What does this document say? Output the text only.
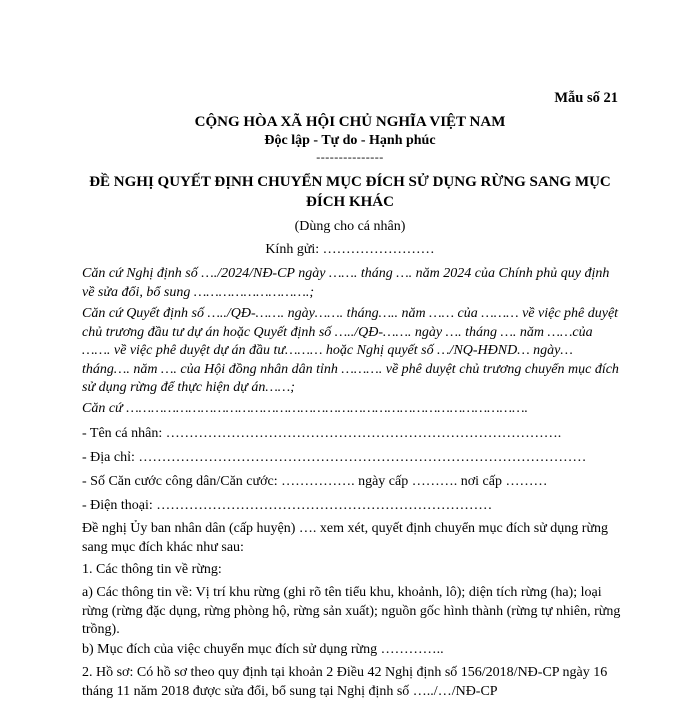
Mẫu số 21
CỘNG HÒA XÃ HỘI CHỦ NGHĨA VIỆT NAM
Độc lập - Tự do - Hạnh phúc
---------------
ĐỀ NGHỊ QUYẾT ĐỊNH CHUYỂN MỤC ĐÍCH SỬ DỤNG RỪNG SANG MỤC ĐÍCH KHÁC
(Dùng cho cá nhân)
Kính gửi: ……………………
Căn cứ Nghị định số …./2024/NĐ-CP ngày ……. tháng …. năm 2024 của Chính phủ quy định về sửa đổi, bổ sung ……………………….;
Căn cứ Quyết định số …../QĐ-……. ngày……. tháng….. năm …… của ……… về việc phê duyệt chủ trương đầu tư dự án hoặc Quyết định số …../QĐ-……. ngày …. tháng …. năm ……của ……. về việc phê duyệt dự án đầu tư……… hoặc Nghị quyết số …/NQ-HĐND… ngày… tháng…. năm …. của Hội đồng nhân dân tỉnh ………. về phê duyệt chủ trương chuyển mục đích sử dụng rừng để thực hiện dự án……;
Căn cứ …………………………………………………………………………………….
- Tên cá nhân: ………………………………………………………………………….
- Địa chỉ: ……………………………………………………………………………………
- Số Căn cước công dân/Căn cước: ……………. ngày cấp ………. nơi cấp ………
- Điện thoại: ………………………………………………………………
Đề nghị Ủy ban nhân dân (cấp huyện) …. xem xét, quyết định chuyển mục đích sử dụng rừng sang mục đích khác như sau:
1. Các thông tin về rừng:
a) Các thông tin về: Vị trí khu rừng (ghi rõ tên tiểu khu, khoảnh, lô); diện tích rừng (ha); loại rừng (rừng đặc dụng, rừng phòng hộ, rừng sản xuất); nguồn gốc hình thành (rừng tự nhiên, rừng trồng).
b) Mục đích của việc chuyển mục đích sử dụng rừng …………..
2. Hồ sơ: Có hồ sơ theo quy định tại khoản 2 Điều 42 Nghị định số 156/2018/NĐ-CP ngày 16 tháng 11 năm 2018 được sửa đổi, bổ sung tại Nghị định số …../…/NĐ-CP
